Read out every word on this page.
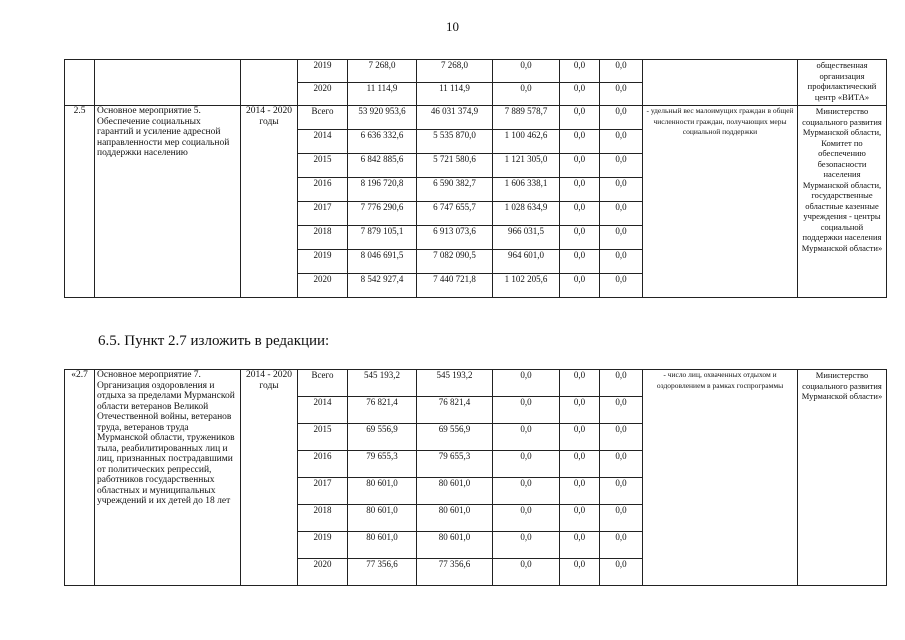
10
			2019	7 268,0	7 268,0	0,0	0,0	0,0		общественная организация профилактический центр «ВИТА»
			2020	11 114,9	11 114,9	0,0	0,0	0,0		
2.5	Основное мероприятие 5. Обеспечение социальных гарантий и усиление адресной направленности мер социальной поддержки населению	2014 - 2020 годы	Всего	53 920 953,6	46 031 374,9	7 889 578,7	0,0	0,0	- удельный вес малоимущих граждан в общей численности граждан, получающих меры социальной поддержки	Министерство социального развития Мурманской области, Комитет по обеспечению безопасности населения Мурманской области, государственные областные казенные учреждения - центры социальной поддержки населения Мурманской области»
			2014	6 636 332,6	5 535 870,0	1 100 462,6	0,0	0,0		
			2015	6 842 885,6	5 721 580,6	1 121 305,0	0,0	0,0		
			2016	8 196 720,8	6 590 382,7	1 606 338,1	0,0	0,0		
			2017	7 776 290,6	6 747 655,7	1 028 634,9	0,0	0,0		
			2018	7 879 105,1	6 913 073,6	966 031,5	0,0	0,0		
			2019	8 046 691,5	7 082 090,5	964 601,0	0,0	0,0		
			2020	8 542 927,4	7 440 721,8	1 102 205,6	0,0	0,0		
6.5. Пункт 2.7 изложить в редакции:
«2.7	Основное мероприятие 7. Организация оздоровления и отдыха за пределами Мурманской области ветеранов Великой Отечественной войны, ветеранов труда, ветеранов труда Мурманской области, тружеников тыла, реабилитированных лиц и лиц, признанных пострадавшими от политических репрессий, работников государственных областных и муниципальных учреждений и их детей до 18 лет	2014 - 2020 годы	Всего	545 193,2	545 193,2	0,0	0,0	0,0	- число лиц, охваченных отдыхом и оздоровлением в рамках госпрограммы	Министерство социального развития Мурманской области»
			2014	76 821,4	76 821,4	0,0	0,0	0,0		
			2015	69 556,9	69 556,9	0,0	0,0	0,0		
			2016	79 655,3	79 655,3	0,0	0,0	0,0		
			2017	80 601,0	80 601,0	0,0	0,0	0,0		
			2018	80 601,0	80 601,0	0,0	0,0	0,0		
			2019	80 601,0	80 601,0	0,0	0,0	0,0		
			2020	77 356,6	77 356,6	0,0	0,0	0,0		
